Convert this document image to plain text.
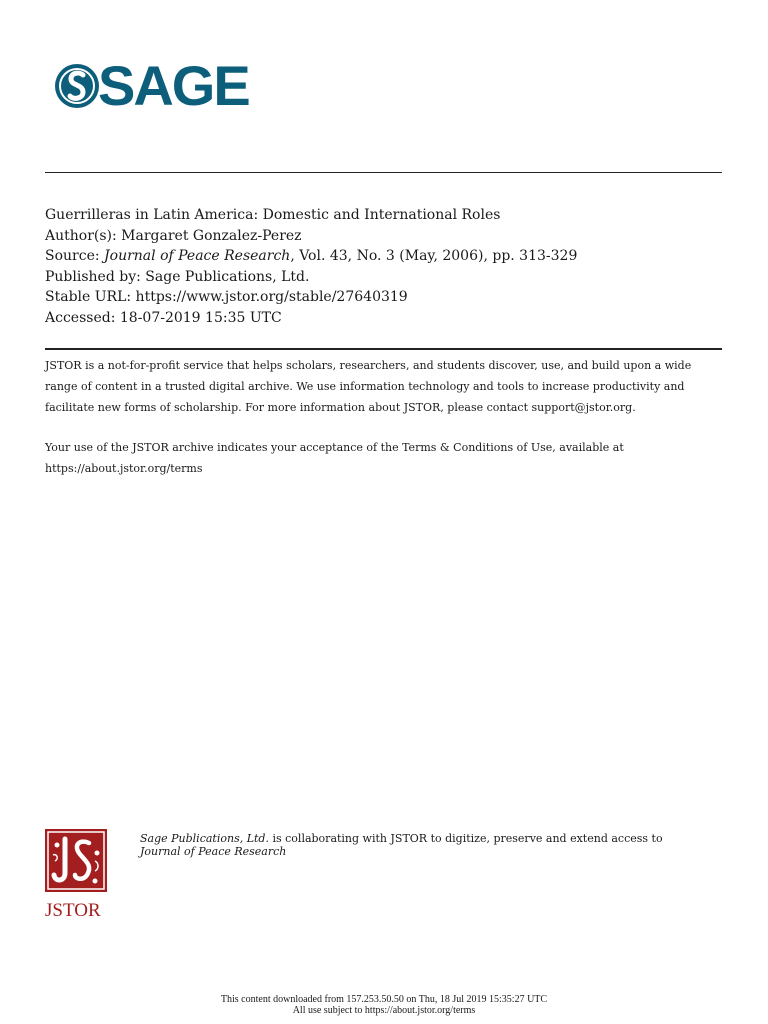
SAGE
Guerrilleras in Latin America: Domestic and International Roles
Author(s): Margaret Gonzalez-Perez
Source: Journal of Peace Research, Vol. 43, No. 3 (May, 2006), pp. 313-329
Published by: Sage Publications, Ltd.
Stable URL: https://www.jstor.org/stable/27640319
Accessed: 18-07-2019 15:35 UTC

JSTOR is a not-for-profit service that helps scholars, researchers, and students discover, use, and build upon a wide range of content in a trusted digital archive. We use information technology and tools to increase productivity and facilitate new forms of scholarship. For more information about JSTOR, please contact support@jstor.org.

Your use of the JSTOR archive indicates your acceptance of the Terms & Conditions of Use, available at https://about.jstor.org/terms

JSTOR
Sage Publications, Ltd. is collaborating with JSTOR to digitize, preserve and extend access to
Journal of Peace Research
This content downloaded from 157.253.50.50 on Thu, 18 Jul 2019 15:35:27 UTC
All use subject to https://about.jstor.org/terms
